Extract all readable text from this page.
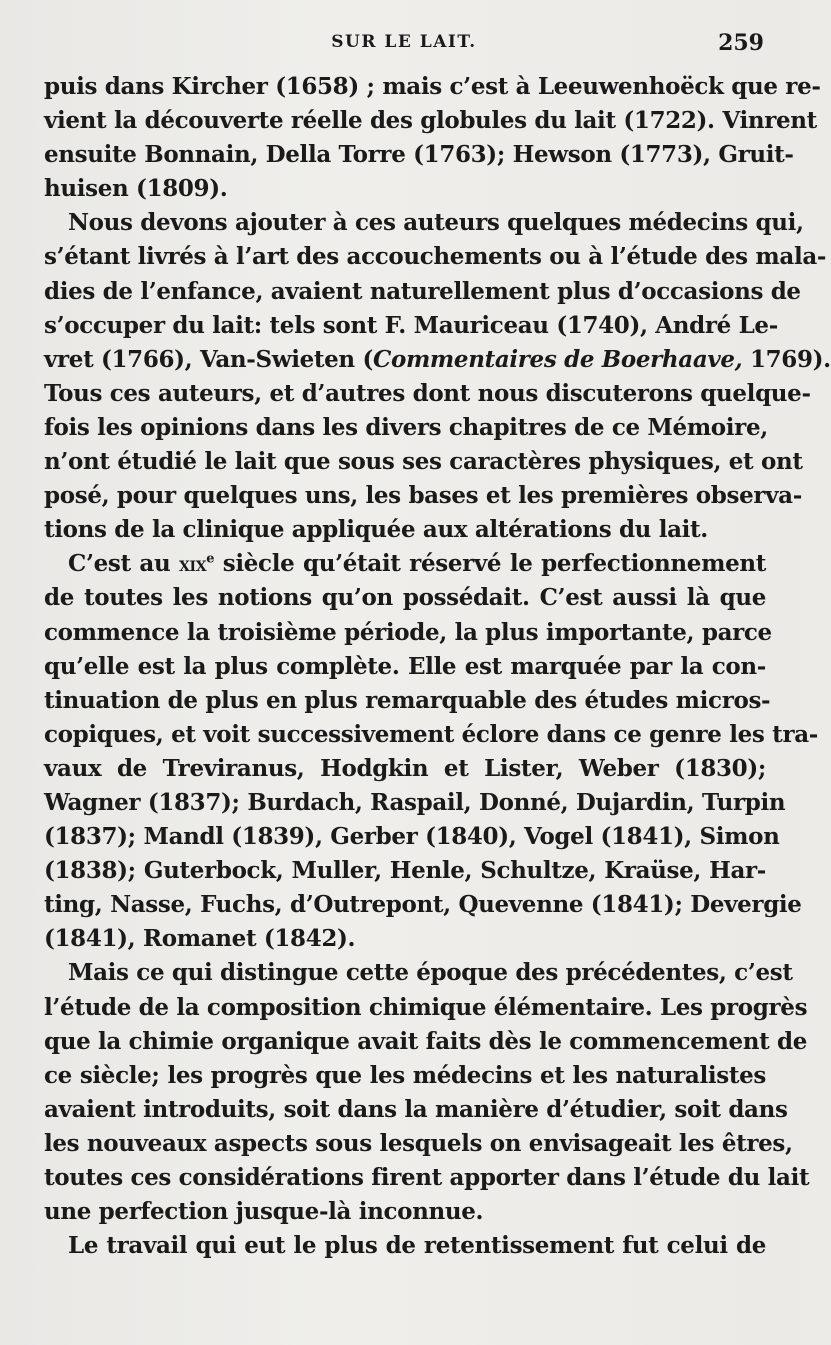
SUR LE LAIT.	259
puis dans Kircher (1658) ; mais c’est à Leeuwenhoëck que re-
vient la découverte réelle des globules du lait (1722). Vinrent
ensuite Bonnain, Della Torre (1763); Hewson (1773), Gruit-
huisen (1809).
Nous devons ajouter à ces auteurs quelques médecins qui,
s’étant livrés à l’art des accouchements ou à l’étude des mala-
dies de l’enfance, avaient naturellement plus d’occasions de
s’occuper du lait: tels sont F. Mauriceau (1740), André Le-
vret (1766), Van-Swieten (Commentaires de Boerhaave, 1769).
Tous ces auteurs, et d’autres dont nous discuterons quelque-
fois les opinions dans les divers chapitres de ce Mémoire,
n’ont étudié le lait que sous ses caractères physiques, et ont
posé, pour quelques uns, les bases et les premières observa-
tions de la clinique appliquée aux altérations du lait.
C’est au xix$^e$ siècle qu’était réservé le perfectionnement
de toutes les notions qu’on possédait. C’est aussi là que
commence la troisième période, la plus importante, parce
qu’elle est la plus complète. Elle est marquée par la con-
tinuation de plus en plus remarquable des études micros-
copiques, et voit successivement éclore dans ce genre les tra-
vaux de Treviranus, Hodgkin et Lister, Weber (1830);
Wagner (1837); Burdach, Raspail, Donné, Dujardin, Turpin
(1837); Mandl (1839), Gerber (1840), Vogel (1841), Simon
(1838); Guterbock, Muller, Henle, Schultze, Kraüse, Har-
ting, Nasse, Fuchs, d’Outrepont, Quevenne (1841); Devergie
(1841), Romanet (1842).
Mais ce qui distingue cette époque des précédentes, c’est
l’étude de la composition chimique élémentaire. Les progrès
que la chimie organique avait faits dès le commencement de
ce siècle; les progrès que les médecins et les naturalistes
avaient introduits, soit dans la manière d’étudier, soit dans
les nouveaux aspects sous lesquels on envisageait les êtres,
toutes ces considérations firent apporter dans l’étude du lait
une perfection jusque-là inconnue.
Le travail qui eut le plus de retentissement fut celui de
